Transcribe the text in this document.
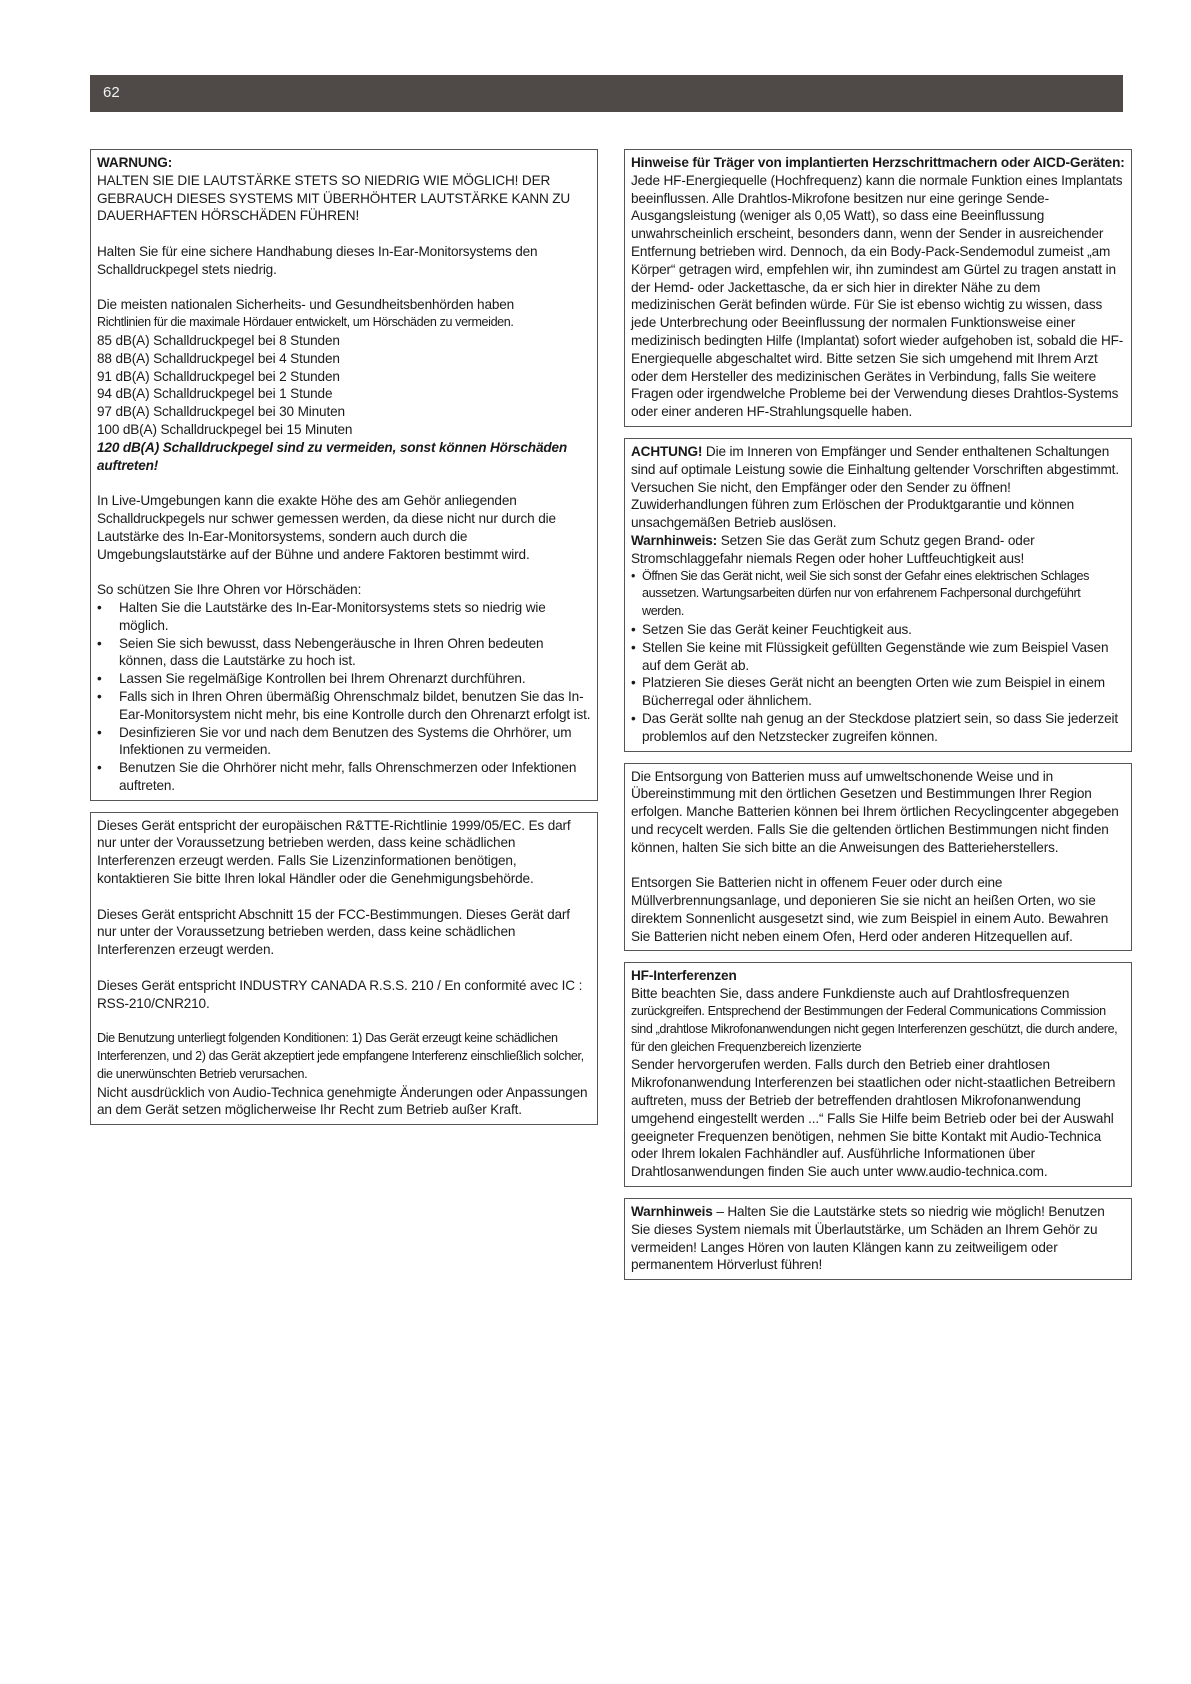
62

WARNUNG:

HALTEN SIE DIE LAUTSTÄRKE STETS SO NIEDRIG WIE MÖGLICH! DER GEBRAUCH DIESES SYSTEMS MIT ÜBERHÖHTER LAUTSTÄRKE KANN ZU DAUERHAFTEN HÖRSCHÄDEN FÜHREN!

Halten Sie für eine sichere Handhabung dieses In-Ear-Monitorsystems den Schalldruckpegel stets niedrig.

Die meisten nationalen Sicherheits- und Gesundheitsbenhörden haben

Richtlinien für die maximale Hördauer entwickelt, um Hörschäden zu vermeiden.

85 dB(A) Schalldruckpegel bei 8 Stunden
88 dB(A) Schalldruckpegel bei 4 Stunden
91 dB(A) Schalldruckpegel bei 2 Stunden
94 dB(A) Schalldruckpegel bei 1 Stunde
97 dB(A) Schalldruckpegel bei 30 Minuten
100 dB(A) Schalldruckpegel bei 15 Minuten

120 dB(A) Schalldruckpegel sind zu vermeiden, sonst können Hörschäden auftreten!

In Live-Umgebungen kann die exakte Höhe des am Gehör anliegenden Schalldruckpegels nur schwer gemessen werden, da diese nicht nur durch die Lautstärke des In-Ear-Monitorsystems, sondern auch durch die Umgebungslautstärke auf der Bühne und andere Faktoren bestimmt wird.

So schützen Sie Ihre Ohren vor Hörschäden:

• Halten Sie die Lautstärke des In-Ear-Monitorsystems stets so niedrig wie möglich.
• Seien Sie sich bewusst, dass Nebengeräusche in Ihren Ohren bedeuten können, dass die Lautstärke zu hoch ist.
• Lassen Sie regelmäßige Kontrollen bei Ihrem Ohrenarzt durchführen.
• Falls sich in Ihren Ohren übermäßig Ohrenschmalz bildet, benutzen Sie das In-Ear-Monitorsystem nicht mehr, bis eine Kontrolle durch den Ohrenarzt erfolgt ist.
• Desinfizieren Sie vor und nach dem Benutzen des Systems die Ohrhörer, um Infektionen zu vermeiden.
• Benutzen Sie die Ohrhörer nicht mehr, falls Ohrenschmerzen oder Infektionen auftreten.

Dieses Gerät entspricht der europäischen R&TTE-Richtlinie 1999/05/EC. Es darf nur unter der Voraussetzung betrieben werden, dass keine schädlichen Interferenzen erzeugt werden. Falls Sie Lizenzinformationen benötigen, kontaktieren Sie bitte Ihren lokal Händler oder die Genehmigungsbehörde.

Dieses Gerät entspricht Abschnitt 15 der FCC-Bestimmungen. Dieses Gerät darf nur unter der Voraussetzung betrieben werden, dass keine schädlichen Interferenzen erzeugt werden.

Dieses Gerät entspricht INDUSTRY CANADA R.S.S. 210 / En conformité avec IC : RSS-210/CNR210.

Die Benutzung unterliegt folgenden Konditionen: 1) Das Gerät erzeugt keine schädlichen Interferenzen, und 2) das Gerät akzeptiert jede empfangene Interferenz einschließlich solcher, die unerwünschten Betrieb verursachen.

Nicht ausdrücklich von Audio-Technica genehmigte Änderungen oder Anpassungen an dem Gerät setzen möglicherweise Ihr Recht zum Betrieb außer Kraft.

Hinweise für Träger von implantierten Herzschrittmachern oder AICD-Geräten: Jede HF-Energiequelle (Hochfrequenz) kann die normale Funktion eines Implantats beeinflussen. Alle Drahtlos-Mikrofone besitzen nur eine geringe Sende-Ausgangsleistung (weniger als 0,05 Watt), so dass eine Beeinflussung unwahrscheinlich erscheint, besonders dann, wenn der Sender in ausreichender Entfernung betrieben wird. Dennoch, da ein Body-Pack-Sendemodul zumeist „am Körper“ getragen wird, empfehlen wir, ihn zumindest am Gürtel zu tragen anstatt in der Hemd- oder Jackettasche, da er sich hier in direkter Nähe zu dem medizinischen Gerät befinden würde. Für Sie ist ebenso wichtig zu wissen, dass jede Unterbrechung oder Beeinflussung der normalen Funktionsweise einer medizinisch bedingten Hilfe (Implantat) sofort wieder aufgehoben ist, sobald die HF-Energiequelle abgeschaltet wird. Bitte setzen Sie sich umgehend mit Ihrem Arzt oder dem Hersteller des medizinischen Gerätes in Verbindung, falls Sie weitere Fragen oder irgendwelche Probleme bei der Verwendung dieses Drahtlos-Systems oder einer anderen HF-Strahlungsquelle haben.

ACHTUNG! Die im Inneren von Empfänger und Sender enthaltenen Schaltungen sind auf optimale Leistung sowie die Einhaltung geltender Vorschriften abgestimmt. Versuchen Sie nicht, den Empfänger oder den Sender zu öffnen! Zuwiderhandlungen führen zum Erlöschen der Produktgarantie und können unsachgemäßen Betrieb auslösen.

Warnhinweis: Setzen Sie das Gerät zum Schutz gegen Brand- oder Stromschlaggefahr niemals Regen oder hoher Luftfeuchtigkeit aus!

• Öffnen Sie das Gerät nicht, weil Sie sich sonst der Gefahr eines elektrischen Schlages aussetzen. Wartungsarbeiten dürfen nur von erfahrenem Fachpersonal durchgeführt werden.
• Setzen Sie das Gerät keiner Feuchtigkeit aus.
• Stellen Sie keine mit Flüssigkeit gefüllten Gegenstände wie zum Beispiel Vasen auf dem Gerät ab.
• Platzieren Sie dieses Gerät nicht an beengten Orten wie zum Beispiel in einem Bücherregal oder ähnlichem.
• Das Gerät sollte nah genug an der Steckdose platziert sein, so dass Sie jederzeit problemlos auf den Netzstecker zugreifen können.

Die Entsorgung von Batterien muss auf umweltschonende Weise und in Übereinstimmung mit den örtlichen Gesetzen und Bestimmungen Ihrer Region erfolgen. Manche Batterien können bei Ihrem örtlichen Recyclingcenter abgegeben und recycelt werden. Falls Sie die geltenden örtlichen Bestimmungen nicht finden können, halten Sie sich bitte an die Anweisungen des Batterieherstellers.

Entsorgen Sie Batterien nicht in offenem Feuer oder durch eine Müllverbrennungsanlage, und deponieren Sie sie nicht an heißen Orten, wo sie direktem Sonnenlicht ausgesetzt sind, wie zum Beispiel in einem Auto. Bewahren Sie Batterien nicht neben einem Ofen, Herd oder anderen Hitzequellen auf.

HF-Interferenzen

Bitte beachten Sie, dass andere Funkdienste auch auf Drahtlosfrequenzen

zurückgreifen. Entsprechend der Bestimmungen der Federal Communications Commission sind „drahtlose Mikrofonanwendungen nicht gegen Interferenzen geschützt, die durch andere, für den gleichen Frequenzbereich lizenzierte

Sender hervorgerufen werden. Falls durch den Betrieb einer drahtlosen Mikrofonanwendung Interferenzen bei staatlichen oder nicht-staatlichen Betreibern auftreten, muss der Betrieb der betreffenden drahtlosen Mikrofonanwendung umgehend eingestellt werden ...“ Falls Sie Hilfe beim Betrieb oder bei der Auswahl geeigneter Frequenzen benötigen, nehmen Sie bitte Kontakt mit Audio-Technica oder Ihrem lokalen Fachhändler auf. Ausführliche Informationen über Drahtlosanwendungen finden Sie auch unter www.audio-technica.com.

Warnhinweis – Halten Sie die Lautstärke stets so niedrig wie möglich! Benutzen Sie dieses System niemals mit Überlautstärke, um Schäden an Ihrem Gehör zu vermeiden! Langes Hören von lauten Klängen kann zu zeitweiligem oder permanentem Hörverlust führen!
